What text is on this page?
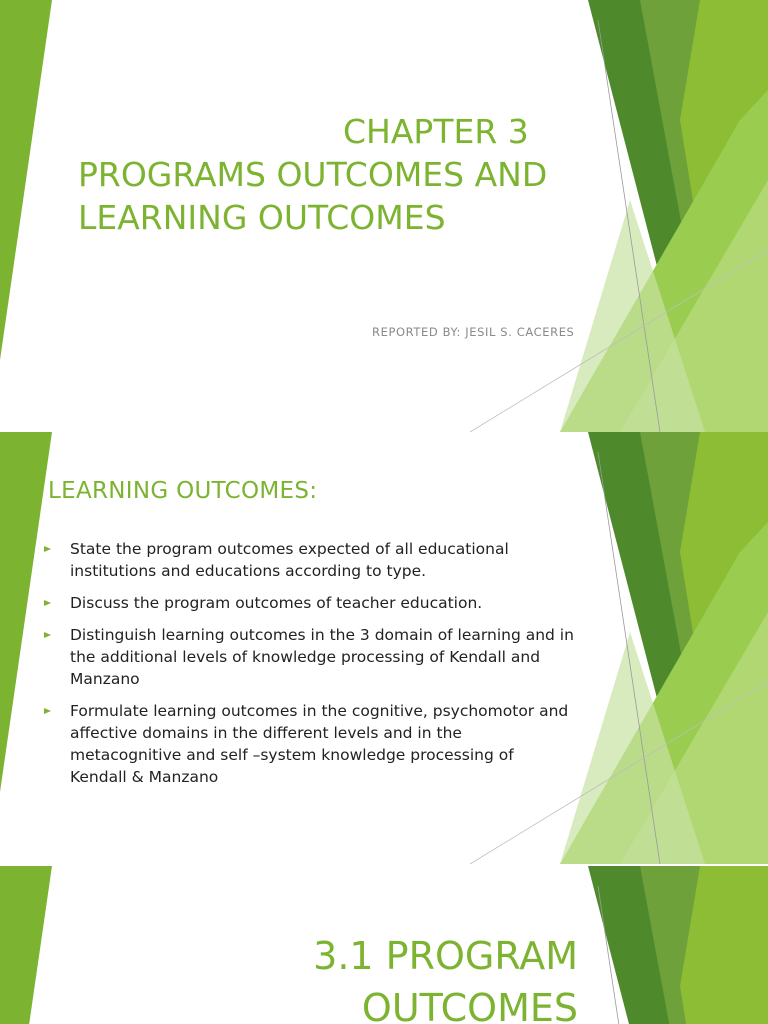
CHAPTER 3
PROGRAMS OUTCOMES AND
LEARNING OUTCOMES
REPORTED BY: JESIL S. CACERES
LEARNING OUTCOMES:
State the program outcomes expected of all educational institutions and educations according to type.
Discuss the program outcomes of teacher education.
Distinguish learning outcomes in the 3 domain of learning and in the additional levels of knowledge processing of Kendall and Manzano
Formulate learning outcomes in the cognitive, psychomotor and affective domains in the different levels and in the metacognitive and self –system knowledge processing of Kendall & Manzano
3.1 PROGRAM
OUTCOMES
